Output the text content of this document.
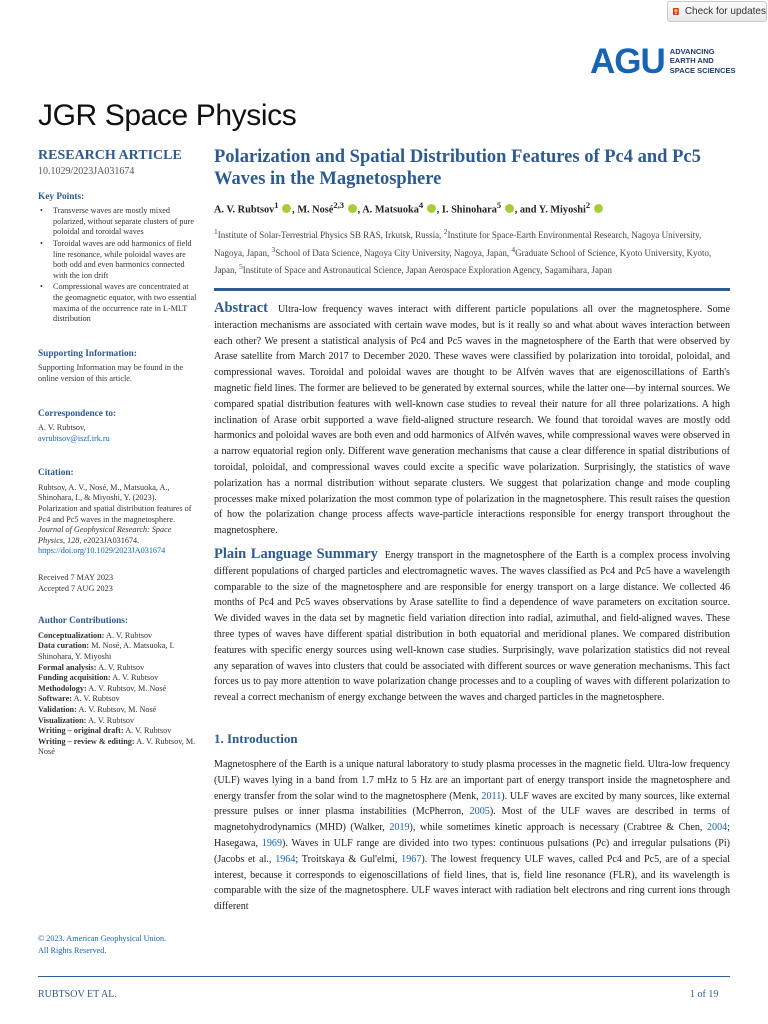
Check for updates
AGU ADVANCING
EARTH AND
SPACE SCIENCES
JGR Space Physics
RESEARCH ARTICLE
10.1029/2023JA031674
Key Points:
• Transverse waves are mostly mixed polarized, without separate clusters of pure poloidal and toroidal waves
• Toroidal waves are odd harmonics of field line resonance, while poloidal waves are both odd and even harmonics connected with the ion drift
• Compressional waves are concentrated at the geomagnetic equator, with two essential maxima of the occurrence rate in L-MLT distribution
Supporting Information:
Supporting Information may be found in the online version of this article.
Correspondence to:
A. V. Rubtsov,
avrubtsov@iszf.irk.ru
Citation:
Rubtsov, A. V., Nosé, M., Matsuoka, A., Shinohara, I., & Miyoshi, Y. (2023). Polarization and spatial distribution features of Pc4 and Pc5 waves in the magnetosphere. Journal of Geophysical Research: Space Physics, 128, e2023JA031674. https://doi.org/10.1029/2023JA031674
Received 7 MAY 2023
Accepted 7 AUG 2023
Author Contributions:
Conceptualization: A. V. Rubtsov
Data curation: M. Nosé, A. Matsuoka, I. Shinohara, Y. Miyoshi
Formal analysis: A. V. Rubtsov
Funding acquisition: A. V. Rubtsov
Methodology: A. V. Rubtsov, M. Nosé
Software: A. V. Rubtsov
Validation: A. V. Rubtsov, M. Nosé
Visualization: A. V. Rubtsov
Writing – original draft: A. V. Rubtsov
Writing – review & editing: A. V. Rubtsov, M. Nosé
© 2023. American Geophysical Union.
All Rights Reserved.
Polarization and Spatial Distribution Features of Pc4 and Pc5 Waves in the Magnetosphere
A. V. Rubtsov$^1$ , M. Nosé$^{2,3}$ , A. Matsuoka$^4$ , I. Shinohara$^5$ , and Y. Miyoshi$^2$
$^1$Institute of Solar-Terrestrial Physics SB RAS, Irkutsk, Russia, $^2$Institute for Space-Earth Environmental Research, Nagoya University, Nagoya, Japan, $^3$School of Data Science, Nagoya City University, Nagoya, Japan, $^4$Graduate School of Science, Kyoto University, Kyoto, Japan, $^5$Institute of Space and Astronautical Science, Japan Aerospace Exploration Agency, Sagamihara, Japan

Abstract Ultra-low frequency waves interact with different particle populations all over the magnetosphere. Some interaction mechanisms are associated with certain wave modes, but is it really so and what about waves interaction between each other? We present a statistical analysis of Pc4 and Pc5 waves in the magnetosphere of the Earth that were observed by Arase satellite from March 2017 to December 2020. These waves were classified by polarization into toroidal, poloidal, and compressional waves. Toroidal and poloidal waves are thought to be Alfvén waves that are eigenoscillations of Earth's magnetic field lines. The former are believed to be generated by external sources, while the latter one—by internal sources. We compared spatial distribution features with well-known case studies to reveal their nature for all three polarizations. A high inclination of Arase orbit supported a wave field-aligned structure research. We found that toroidal waves are mostly odd harmonics and poloidal waves are both even and odd harmonics of Alfvén waves, while compressional waves were observed in a narrow equatorial region only. Different wave generation mechanisms that cause a clear difference in spatial distributions of toroidal, poloidal, and compressional waves could excite a specific wave polarization. Surprisingly, the statistics of wave polarization has a normal distribution without separate clusters. We suggest that polarization change and mode coupling processes make mixed polarization the most common type of polarization in the magnetosphere. This result raises the question of how the polarization change process affects wave-particle interactions responsible for energy transport throughout the magnetosphere.

Plain Language Summary Energy transport in the magnetosphere of the Earth is a complex process involving different populations of charged particles and electromagnetic waves. The waves classified as Pc4 and Pc5 have a wavelength comparable to the size of the magnetosphere and are responsible for energy transport on a large distance. We collected 46 months of Pc4 and Pc5 waves observations by Arase satellite to find a dependence of wave parameters on excitation source. We divided waves in the data set by magnetic field variation direction into radial, azimuthal, and field-aligned waves. These three types of waves have different spatial distribution in both equatorial and meridional planes. We compared distribution features with specific energy sources using well-known case studies. Surprisingly, wave polarization statistics did not reveal any separation of waves into clusters that could be associated with different sources or wave generation mechanisms. This fact forces us to pay more attention to wave polarization change processes and to a coupling of waves with different polarization to reveal a correct mechanism of energy exchange between the waves and charged particles in the magnetosphere.

1. Introduction

Magnetosphere of the Earth is a unique natural laboratory to study plasma processes in the magnetic field. Ultra-low frequency (ULF) waves lying in a band from 1.7 mHz to 5 Hz are an important part of energy transport inside the magnetosphere and energy transfer from the solar wind to the magnetosphere (Menk, 2011). ULF waves are excited by many sources, like external pressure pulses or inner plasma instabilities (McPherron, 2005). Most of the ULF waves are described in terms of magnetohydrodynamics (MHD) (Walker, 2019), while sometimes kinetic approach is necessary (Crabtree & Chen, 2004; Hasegawa, 1969). Waves in ULF range are divided into two types: continuous pulsations (Pc) and irregular pulsations (Pi) (Jacobs et al., 1964; Troitskaya & Gul'elmi, 1967). The lowest frequency ULF waves, called Pc4 and Pc5, are of a special interest, because it corresponds to eigenoscillations of field lines, that is, field line resonance (FLR), and its wavelength is comparable with the size of the magnetosphere. ULF waves interact with radiation belt electrons and ring current ions through different

RUBTSOV ET AL.	1 of 19
